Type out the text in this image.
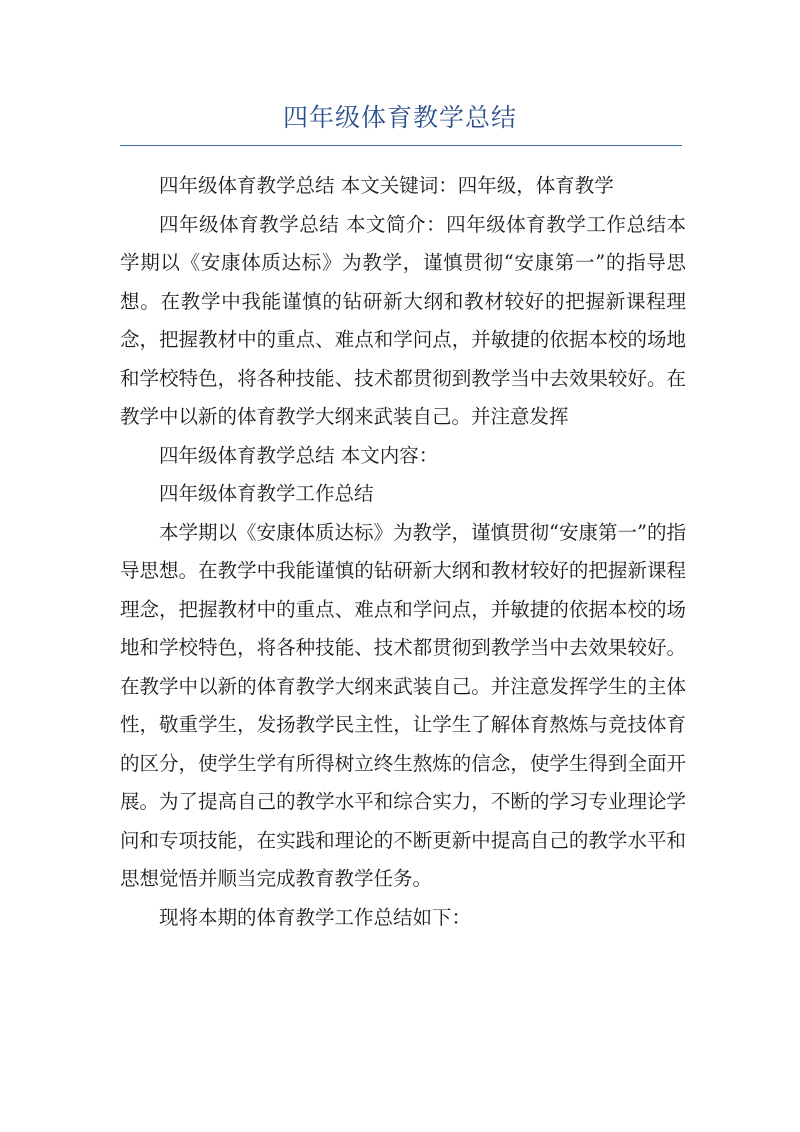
四年级体育教学总结

四年级体育教学总结 本文关键词：四年级，体育教学

四年级体育教学总结 本文简介：四年级体育教学工作总结本学期以《安康体质达标》为教学，谨慎贯彻“安康第一”的指导思想。在教学中我能谨慎的钻研新大纲和教材较好的把握新课程理念，把握教材中的重点、难点和学问点，并敏捷的依据本校的场地和学校特色，将各种技能、技术都贯彻到教学当中去效果较好。在教学中以新的体育教学大纲来武装自己。并注意发挥

四年级体育教学总结 本文内容：

四年级体育教学工作总结

本学期以《安康体质达标》为教学，谨慎贯彻“安康第一”的指导思想。在教学中我能谨慎的钻研新大纲和教材较好的把握新课程理念，把握教材中的重点、难点和学问点，并敏捷的依据本校的场地和学校特色，将各种技能、技术都贯彻到教学当中去效果较好。在教学中以新的体育教学大纲来武装自己。并注意发挥学生的主体性，敬重学生，发扬教学民主性，让学生了解体育熬炼与竞技体育的区分，使学生学有所得树立终生熬炼的信念，使学生得到全面开展。为了提高自己的教学水平和综合实力，不断的学习专业理论学问和专项技能，在实践和理论的不断更新中提高自己的教学水平和思想觉悟并顺当完成教育教学任务。

现将本期的体育教学工作总结如下：
